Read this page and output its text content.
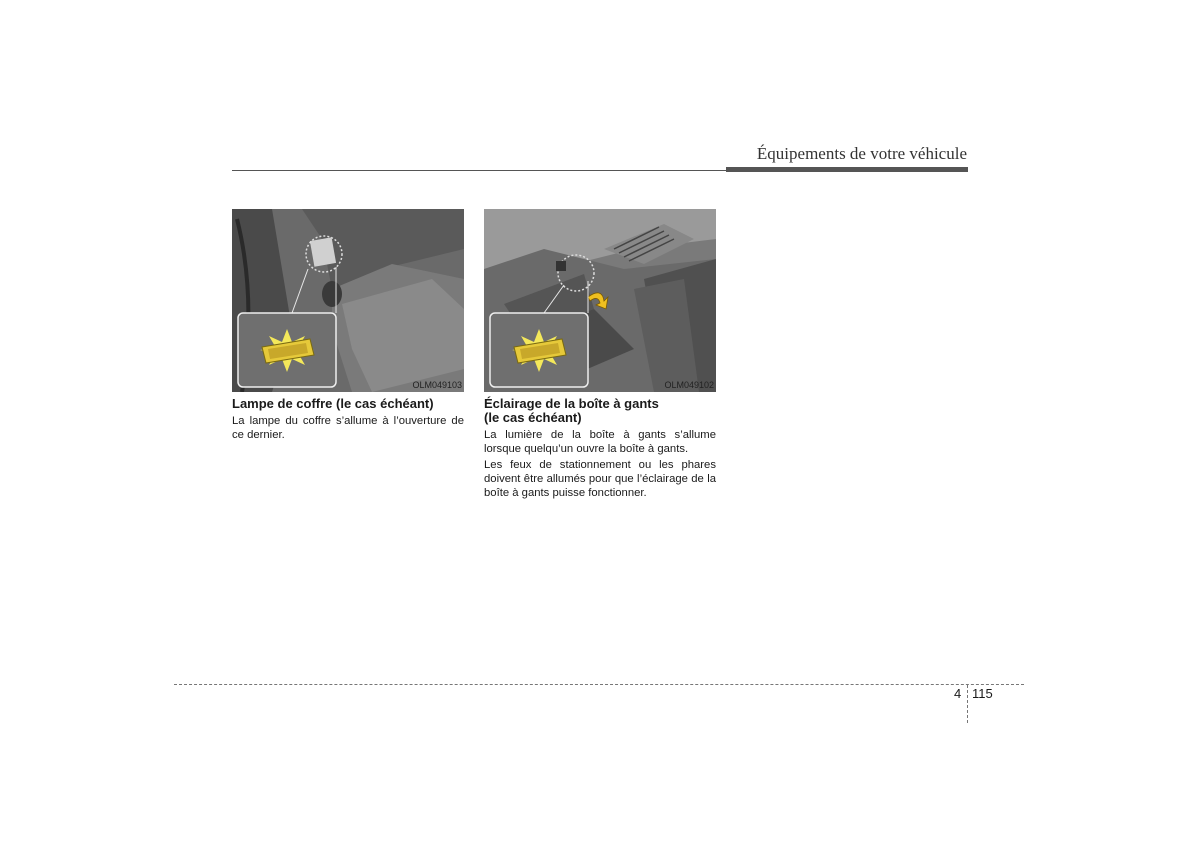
Équipements de votre véhicule
OLM049103	OLM049102
Lampe de coffre (le cas échéant)
La lampe du coffre s’allume à l’ouverture de ce dernier.
Éclairage de la boîte à gants
(le cas échéant)
La lumière de la boîte à gants s’allume lorsque quelqu’un ouvre la boîte à gants.
Les feux de stationnement ou les phares doivent être allumés pour que l’éclairage de la boîte à gants puisse fonctionner.
4 115
